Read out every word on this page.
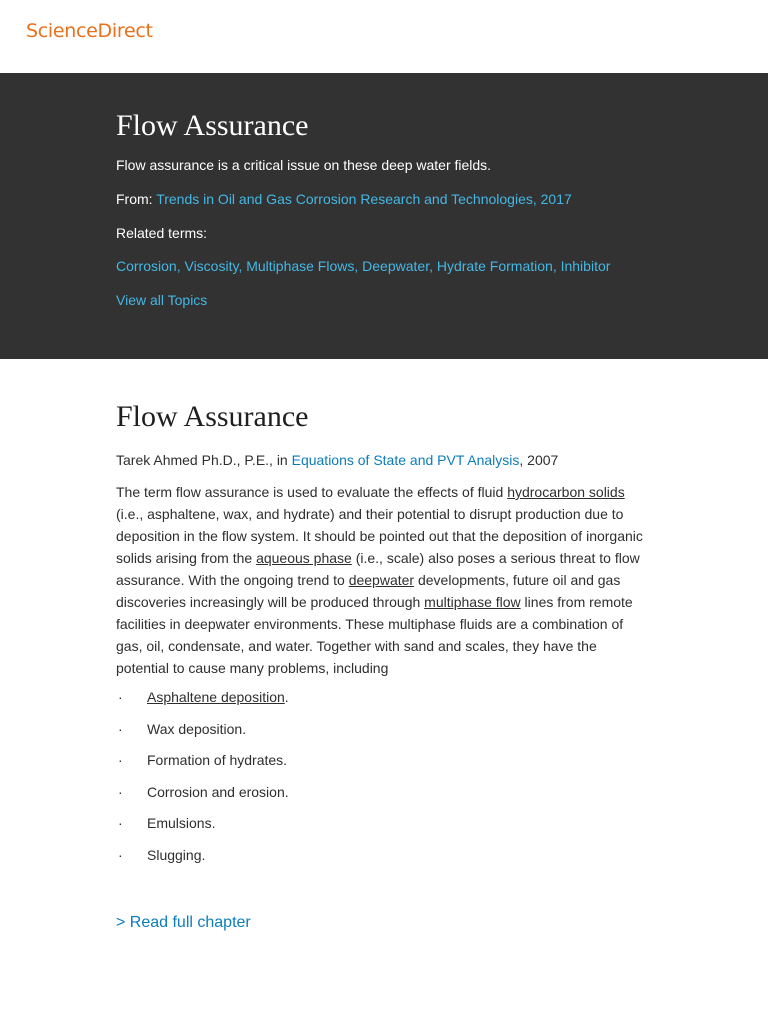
ScienceDirect
Flow Assurance

Flow assurance is a critical issue on these deep water fields.

From: Trends in Oil and Gas Corrosion Research and Technologies, 2017

Related terms:

Corrosion, Viscosity, Multiphase Flows, Deepwater, Hydrate Formation, Inhibitor

View all Topics

Flow Assurance

Tarek Ahmed Ph.D., P.E., in Equations of State and PVT Analysis, 2007

The term flow assurance is used to evaluate the effects of fluid hydrocarbon solids (i.e., asphaltene, wax, and hydrate) and their potential to disrupt production due to deposition in the flow system. It should be pointed out that the deposition of inorganic solids arising from the aqueous phase (i.e., scale) also poses a serious threat to flow assurance. With the ongoing trend to deepwater developments, future oil and gas discoveries increasingly will be produced through multiphase flow lines from remote facilities in deepwater environments. These multiphase fluids are a combination of gas, oil, condensate, and water. Together with sand and scales, they have the potential to cause many problems, including

·	Asphaltene deposition.
·	Wax deposition.
·	Formation of hydrates.
·	Corrosion and erosion.
·	Emulsions.
·	Slugging.
> Read full chapter
